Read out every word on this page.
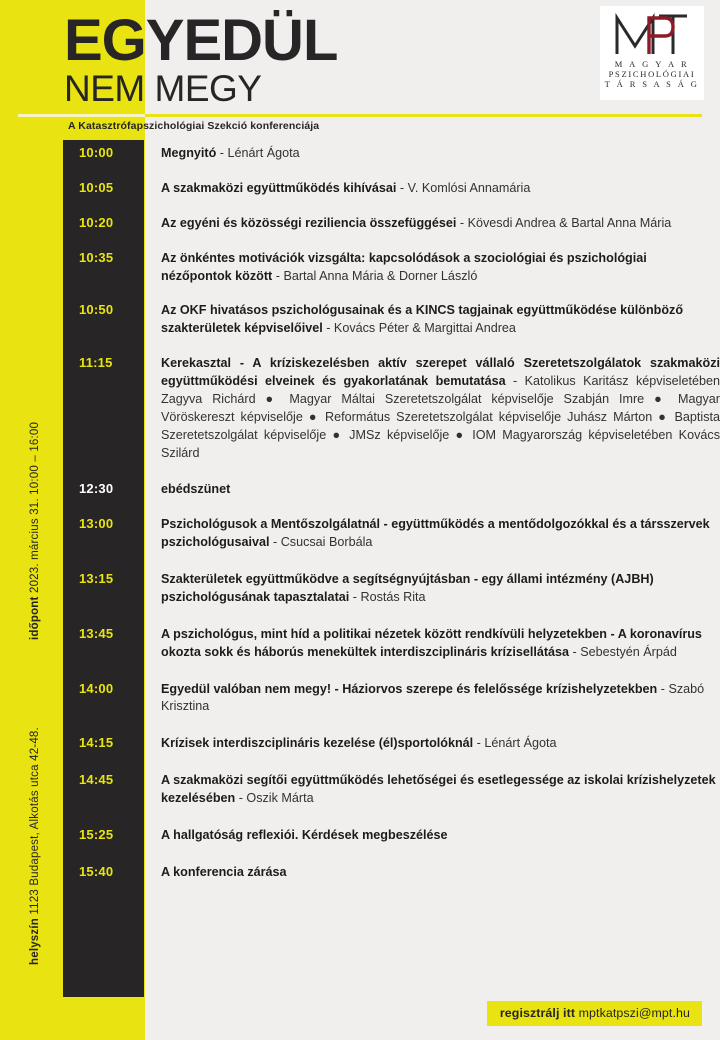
EGYEDÜL
NEM MEGY
A Katasztrófapszichológiai Szekció konferenciája
M A G Y A R
PSZICHOLÓGIAI
T Á R S A S Á G
időpont 2023. március 31. 10:00 – 16:00
helyszín 1123 Budapest, Alkotás utca 42-48.
10:00	Megnyitó - Lénárt Ágota
10:05	A szakmaközi együttműködés kihívásai - V. Komlósi Annamária
10:20	Az egyéni és közösségi reziliencia összefüggései - Kövesdi Andrea & Bartal Anna Mária
10:35	Az önkéntes motivációk vizsgálta: kapcsolódások a szociológiai és pszichológiai nézőpontok között - Bartal Anna Mária & Dorner László
10:50	Az OKF hivatásos pszichológusainak és a KINCS tagjainak együttműködése különböző szakterületek képviselőivel - Kovács Péter & Margittai Andrea
11:15	Kerekasztal - A kríziskezelésben aktív szerepet vállaló Szeretetszolgálatok szakmaközi együttműködési elveinek és gyakorlatának bemutatása - Katolikus Karitász képviseletében Zagyva Richárd ● Magyar Máltai Szeretetszolgálat képviselője Szabján Imre ● Magyar Vöröskereszt képviselője ● Református Szeretetszolgálat képviselője Juhász Márton ● Baptista Szeretetszolgálat képviselője ● JMSz képviselője ● IOM Magyarország képviseletében Kovács Szilárd
12:30	ebédszünet
13:00	Pszichológusok a Mentőszolgálatnál - együttműködés a mentődolgozókkal és a társszervek pszichológusaival - Csucsai Borbála
13:15	Szakterületek együttműködve a segítségnyújtásban - egy állami intézmény (AJBH) pszichológusának tapasztalatai - Rostás Rita
13:45	A pszichológus, mint híd a politikai nézetek között rendkívüli helyzetekben - A koronavírus okozta sokk és háborús menekültek interdiszciplináris krízisellátása - Sebestyén Árpád
14:00	Egyedül valóban nem megy! - Háziorvos szerepe és felelőssége krízishelyzetekben - Szabó Krisztina
14:15	Krízisek interdiszciplináris kezelése (él)sportolóknál - Lénárt Ágota
14:45	A szakmaközi segítői együttműködés lehetőségei és esetlegessége az iskolai krízishelyzetek kezelésében - Oszik Márta
15:25	A hallgatóság reflexiói. Kérdések megbeszélése
15:40	A konferencia zárása
regisztrálj itt mptkatpszi@mpt.hu
